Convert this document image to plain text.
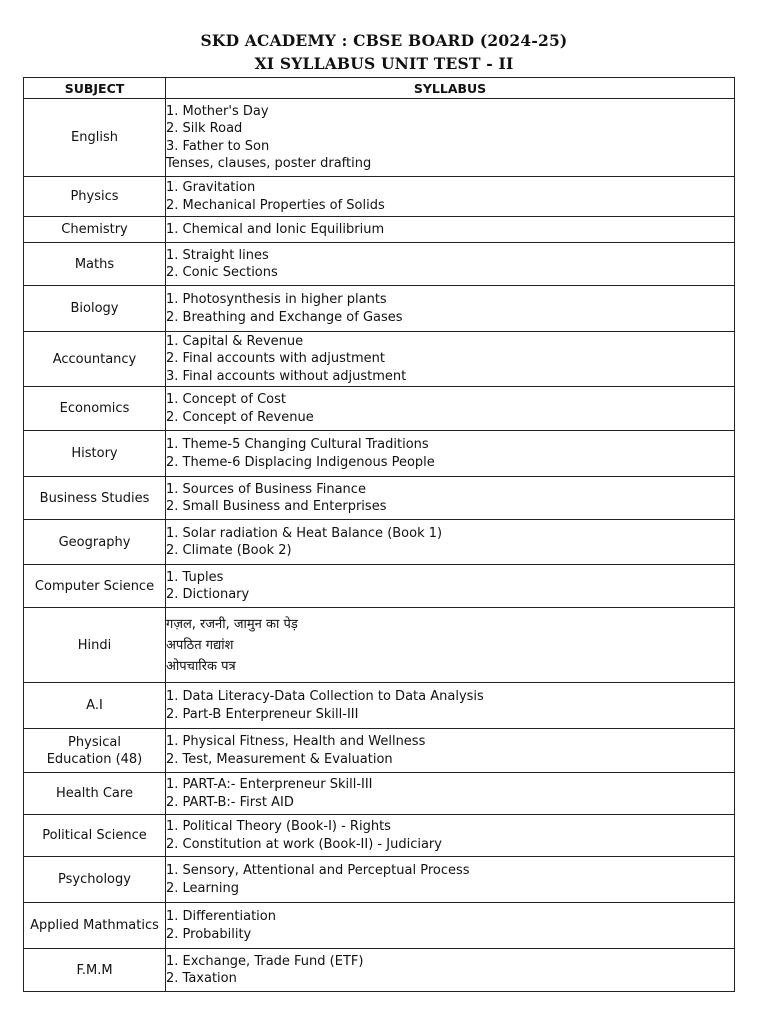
SKD ACADEMY : CBSE BOARD (2024-25)
XI SYLLABUS UNIT TEST - II
SUBJECT	SYLLABUS

English	1. Mother's Day
2. Silk Road
3. Father to Son
Tenses, clauses, poster drafting

Physics	1. Gravitation
2. Mechanical Properties of Solids

Chemistry	1. Chemical and Ionic Equilibrium

Maths	1. Straight lines
2. Conic Sections

Biology	1. Photosynthesis in higher plants
2. Breathing and Exchange of Gases

Accountancy	1. Capital & Revenue
2. Final accounts with adjustment
3. Final accounts without adjustment

Economics	1. Concept of Cost
2. Concept of Revenue

History	1. Theme-5 Changing Cultural Traditions
2. Theme-6 Displacing Indigenous People

Business Studies	1. Sources of Business Finance
2. Small Business and Enterprises

Geography	1. Solar radiation & Heat Balance (Book 1)
2. Climate (Book 2)

Computer Science	1. Tuples
2. Dictionary

Hindi	गज़ल, रजनी, जामुन का पेड़
अपठित गद्यांश
ओपचारिक पत्र

A.I	1. Data Literacy-Data Collection to Data Analysis
2. Part-B Enterpreneur Skill-III

Physical
Education (48)	1. Physical Fitness, Health and Wellness
2. Test, Measurement & Evaluation

Health Care	1. PART-A:- Enterpreneur Skill-III
2. PART-B:- First AID

Political Science	1. Political Theory (Book-I) - Rights
2. Constitution at work (Book-II) - Judiciary

Psychology	1. Sensory, Attentional and Perceptual Process
2. Learning

Applied Mathmatics	1. Differentiation
2. Probability

F.M.M	1. Exchange, Trade Fund (ETF)
2. Taxation
